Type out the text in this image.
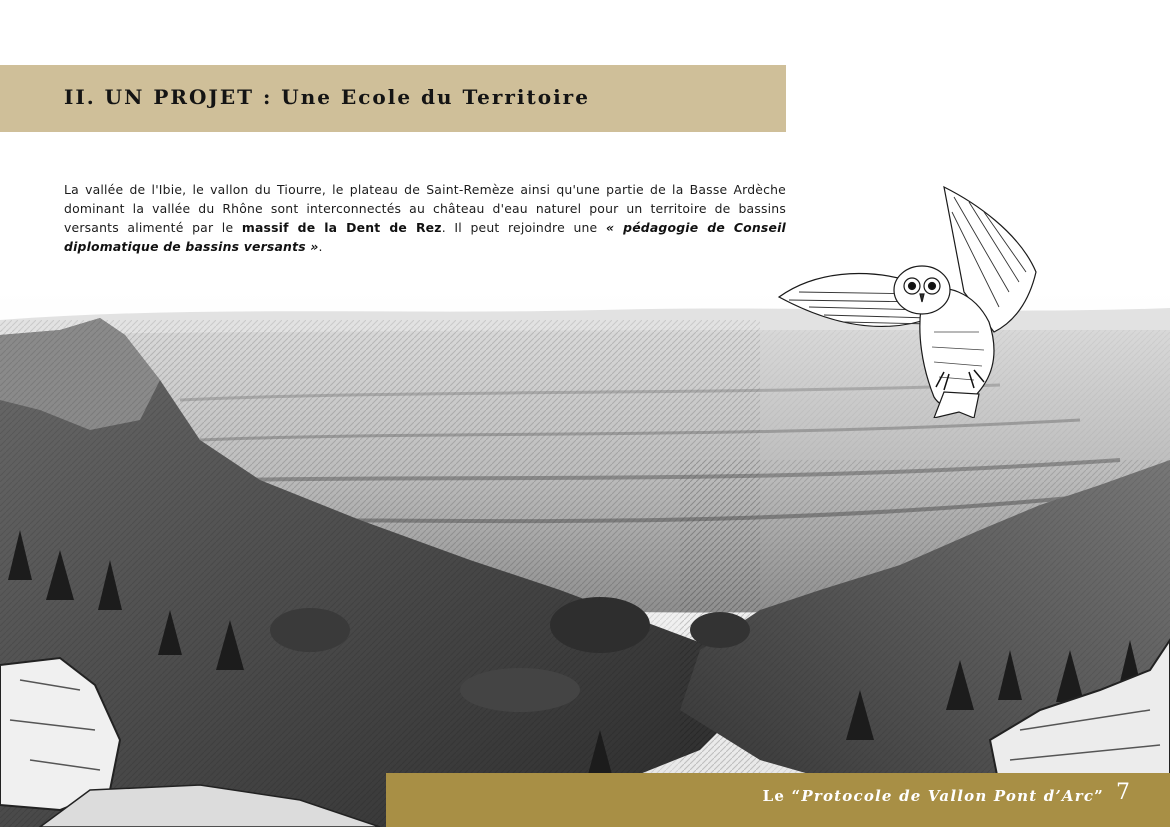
II. UN PROJET : Une Ecole du Territoire
La vallée de l'Ibie, le vallon du Tiourre, le plateau de Saint-Remèze ainsi qu'une partie de la Basse Ardèche dominant la vallée du Rhône sont interconnectés au château d'eau naturel pour un territoire de bassins versants alimenté par le massif de la Dent de Rez. Il peut rejoindre une « pédagogie de Conseil diplomatique de bassins versants ».
Le “Protocole de Vallon Pont d’Arc” 7
